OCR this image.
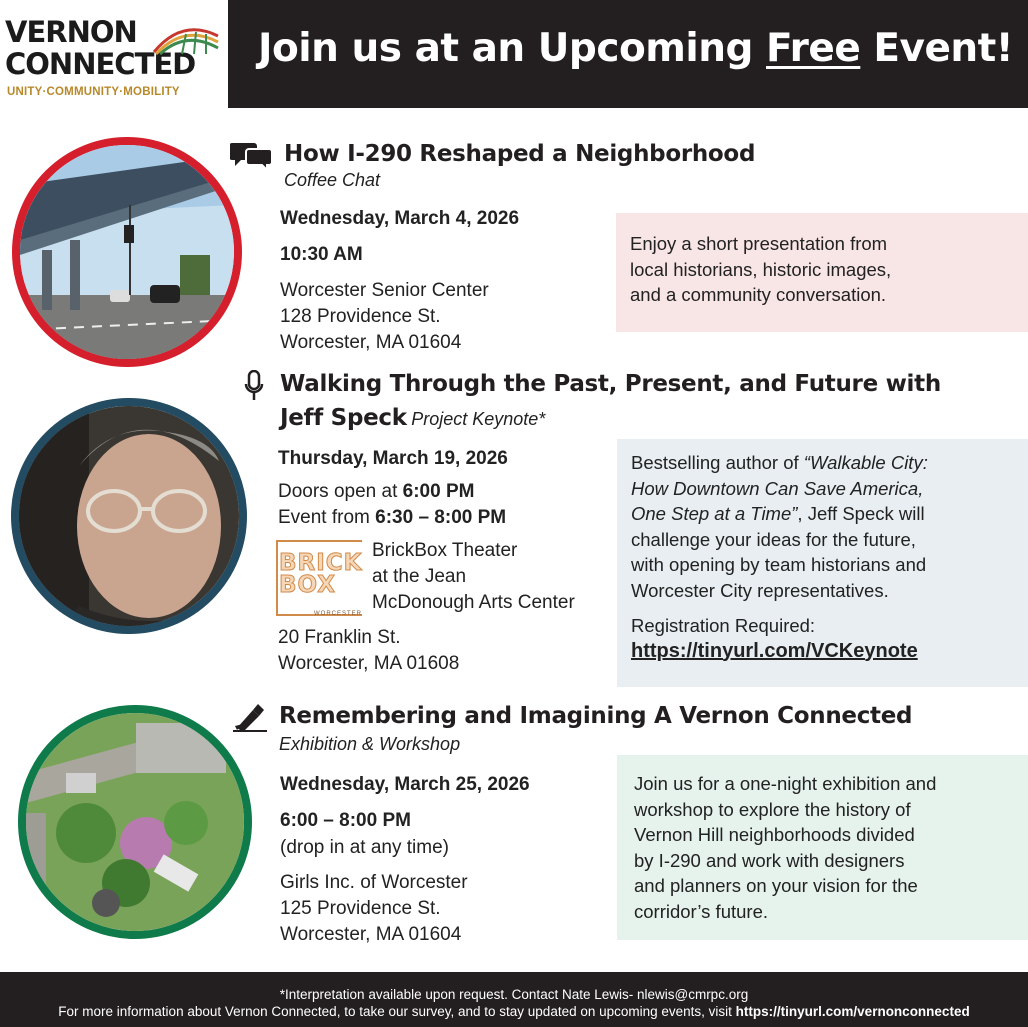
VERNON
CONNECTED
UNITY·COMMUNITY·MOBILITY
Join us at an Upcoming Free Event!
How I-290 Reshaped a Neighborhood
Coffee Chat
Wednesday, March 4, 2026
10:30 AM
Worcester Senior Center
128 Providence St.
Worcester, MA 01604
Enjoy a short presentation from
local historians, historic images,
and a community conversation.
Walking Through the Past, Present, and Future with
Jeff Speck Project Keynote*
Thursday, March 19, 2026
Doors open at 6:00 PM
Event from 6:30 – 8:00 PM
BRICK
BOX
WORCESTER
BrickBox Theater
at the Jean
McDonough Arts Center
20 Franklin St.
Worcester, MA 01608
Bestselling author of “Walkable City:
How Downtown Can Save America,
One Step at a Time”, Jeff Speck will
challenge your ideas for the future,
with opening by team historians and
Worcester City representatives.
Registration Required:
https://tinyurl.com/VCKeynote
Remembering and Imagining A Vernon Connected
Exhibition & Workshop
Wednesday, March 25, 2026
6:00 – 8:00 PM
(drop in at any time)
Girls Inc. of Worcester
125 Providence St.
Worcester, MA 01604
Join us for a one-night exhibition and
workshop to explore the history of
Vernon Hill neighborhoods divided
by I-290 and work with designers
and planners on your vision for the
corridor’s future.
*Interpretation available upon request. Contact Nate Lewis- nlewis@cmrpc.org
For more information about Vernon Connected, to take our survey, and to stay updated on upcoming events, visit https://tinyurl.com/vernonconnected
